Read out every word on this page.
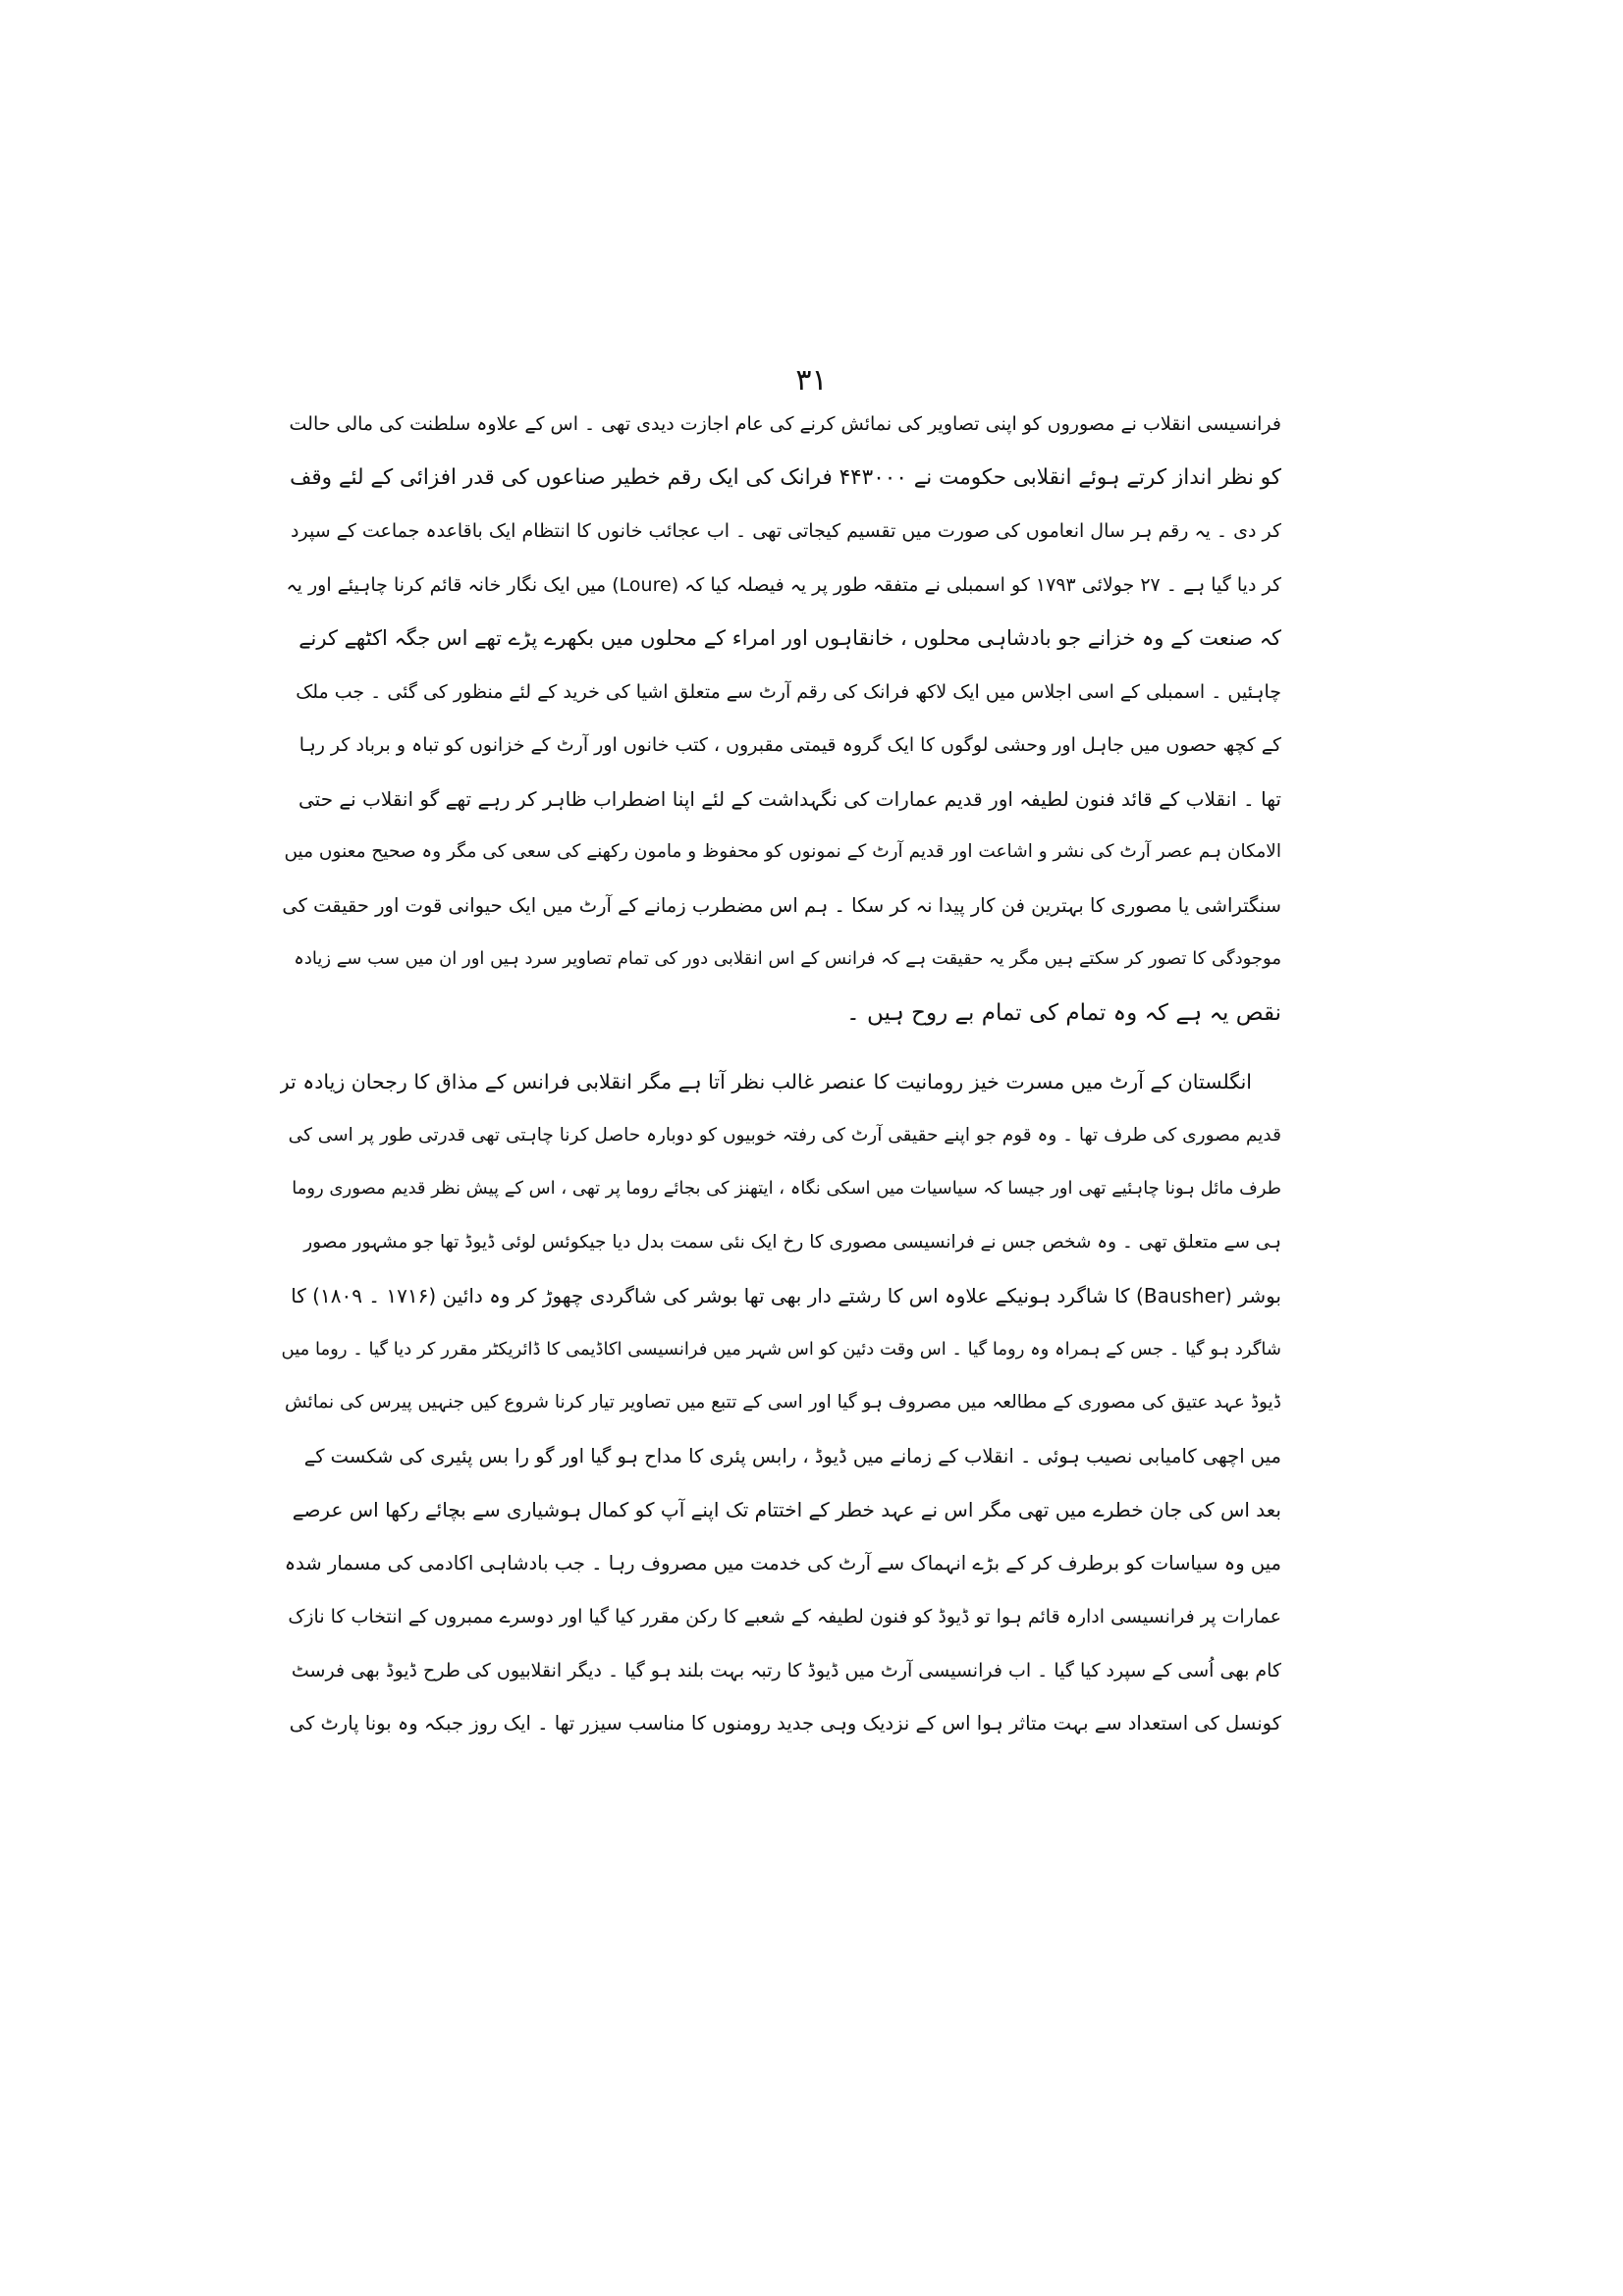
۳۱

فرانسیسی انقلاب نے مصوروں کو اپنی تصاویر کی نمائش کرنے کی عام اجازت دیدی تھی ۔ اس کے علاوہ سلطنت کی مالی حالت
کو نظر انداز کرتے ہوئے انقلابی حکومت نے ۴۴۳۰۰۰ فرانک کی ایک رقم خطیر صناعوں کی قدر افزائی کے لئے وقف
کر دی ۔ یہ رقم ہر سال انعاموں کی صورت میں تقسیم کیجاتی تھی ۔ اب عجائب خانوں کا انتظام ایک باقاعدہ جماعت کے سپرد
کر دیا گیا ہے ۔ ۲۷ جولائی ۱۷۹۳ کو اسمبلی نے متفقہ طور پر یہ فیصلہ کیا کہ (Loure) میں ایک نگار خانہ قائم کرنا چاہیئے اور یہ
کہ صنعت کے وہ خزانے جو بادشاہی محلوں ، خانقاہوں اور امراء کے محلوں میں بکھرے پڑے تھے اس جگہ اکٹھے کرنے
چاہئیں ۔ اسمبلی کے اسی اجلاس میں ایک لاکھ فرانک کی رقم آرٹ سے متعلق اشیا کی خرید کے لئے منظور کی گئی ۔ جب ملک
کے کچھ حصوں میں جاہل اور وحشی لوگوں کا ایک گروہ قیمتی مقبروں ، کتب خانوں اور آرٹ کے خزانوں کو تباہ و برباد کر رہا
تھا ۔ انقلاب کے قائد فنون لطیفہ اور قدیم عمارات کی نگہداشت کے لئے اپنا اضطراب ظاہر کر رہے تھے گو انقلاب نے حتی
الامکان ہم عصر آرٹ کی نشر و اشاعت اور قدیم آرٹ کے نمونوں کو محفوظ و مامون رکھنے کی سعی کی مگر وہ صحیح معنوں میں
سنگتراشی یا مصوری کا بہترین فن کار پیدا نہ کر سکا ۔ ہم اس مضطرب زمانے کے آرٹ میں ایک حیوانی قوت اور حقیقت کی
موجودگی کا تصور کر سکتے ہیں مگر یہ حقیقت ہے کہ فرانس کے اس انقلابی دور کی تمام تصاویر سرد ہیں اور ان میں سب سے زیادہ
نقص یہ ہے کہ وہ تمام کی تمام بے روح ہیں ۔

انگلستان کے آرٹ میں مسرت خیز رومانیت کا عنصر غالب نظر آتا ہے مگر انقلابی فرانس کے مذاق کا رجحان زیادہ تر
قدیم مصوری کی طرف تھا ۔ وہ قوم جو اپنے حقیقی آرٹ کی رفتہ خوبیوں کو دوبارہ حاصل کرنا چاہتی تھی قدرتی طور پر اسی کی
طرف مائل ہونا چاہئیے تھی اور جیسا کہ سیاسیات میں اسکی نگاہ ، ایتھنز کی بجائے روما پر تھی ، اس کے پیش نظر قدیم مصوری روما
ہی سے متعلق تھی ۔ وہ شخص جس نے فرانسیسی مصوری کا رخ ایک نئی سمت بدل دیا جیکوئس لوئی ڈیوڈ تھا جو مشہور مصور
بوشر (Bausher) کا شاگرد ہونیکے علاوہ اس کا رشتے دار بھی تھا بوشر کی شاگردی چھوڑ کر وہ دائین (۱۷۱۶ ۔ ۱۸۰۹) کا
شاگرد ہو گیا ۔ جس کے ہمراہ وہ روما گیا ۔ اس وقت دئین کو اس شہر میں فرانسیسی اکاڈیمی کا ڈائریکٹر مقرر کر دیا گیا ۔ روما میں
ڈیوڈ عہد عتیق کی مصوری کے مطالعہ میں مصروف ہو گیا اور اسی کے تتبع میں تصاویر تیار کرنا شروع کیں جنہیں پیرس کی نمائش
میں اچھی کامیابی نصیب ہوئی ۔ انقلاب کے زمانے میں ڈیوڈ ، رابس پئری کا مداح ہو گیا اور گو را بس پئیری کی شکست کے
بعد اس کی جان خطرے میں تھی مگر اس نے عہد خطر کے اختتام تک اپنے آپ کو کمال ہوشیاری سے بچائے رکھا اس عرصے
میں وہ سیاسات کو برطرف کر کے بڑے انہماک سے آرٹ کی خدمت میں مصروف رہا ۔ جب بادشاہی اکادمی کی مسمار شدہ
عمارات پر فرانسیسی ادارہ قائم ہوا تو ڈیوڈ کو فنون لطیفہ کے شعبے کا رکن مقرر کیا گیا اور دوسرے ممبروں کے انتخاب کا نازک
کام بھی اُسی کے سپرد کیا گیا ۔ اب فرانسیسی آرٹ میں ڈیوڈ کا رتبہ بہت بلند ہو گیا ۔ دیگر انقلابیوں کی طرح ڈیوڈ بھی فرسٹ
کونسل کی استعداد سے بہت متاثر ہوا اس کے نزدیک وہی جدید رومنوں کا مناسب سیزر تھا ۔ ایک روز جبکہ وہ بونا پارٹ کی
